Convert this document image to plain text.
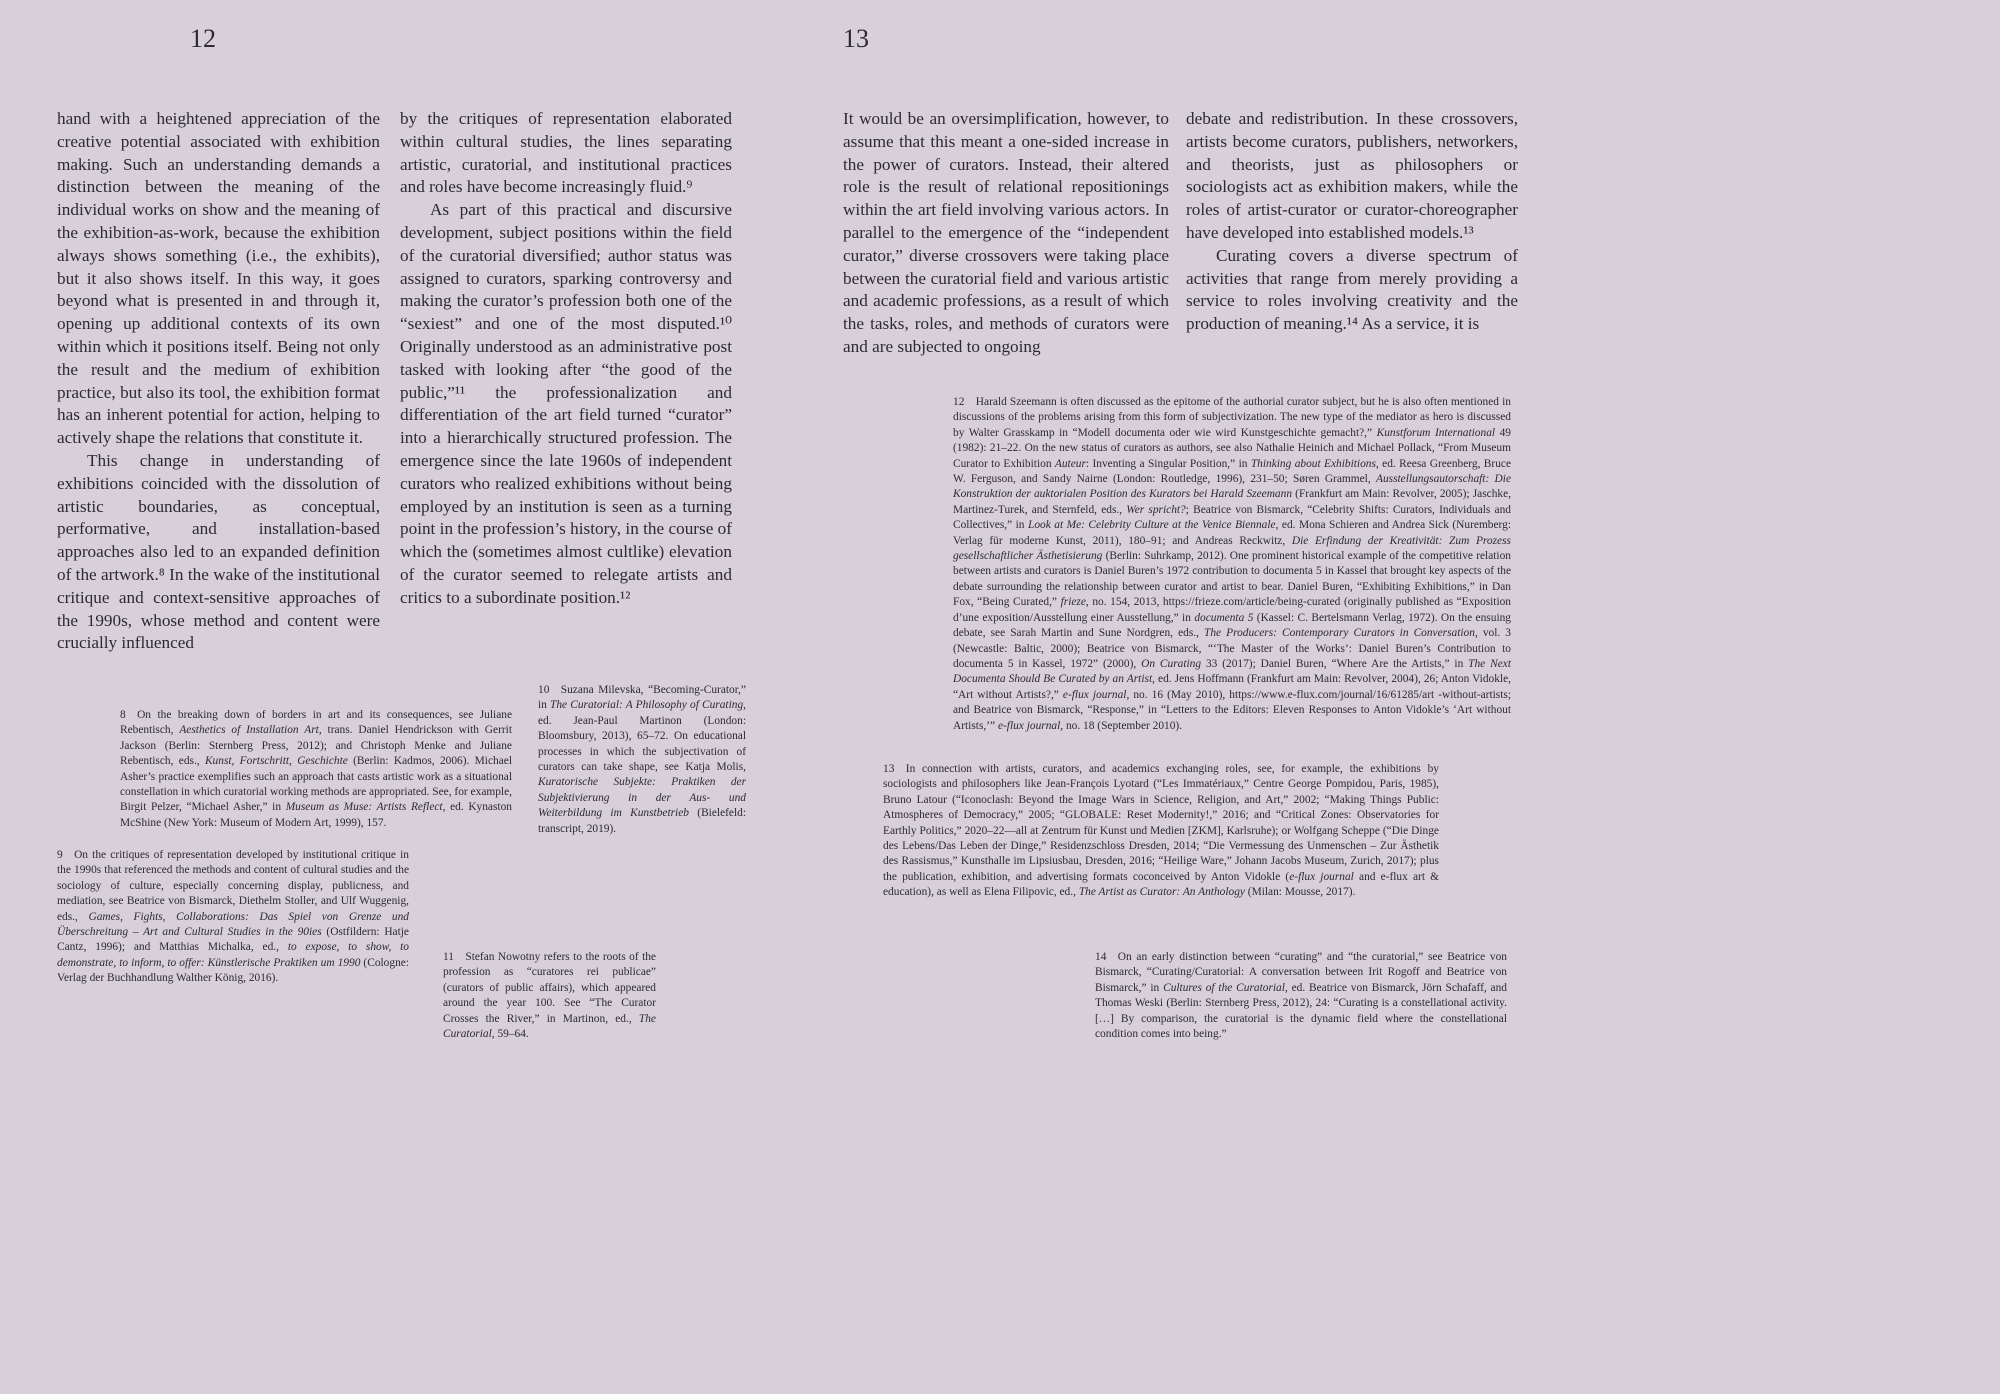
12	13

hand with a heightened appreciation of the creative potential associated with exhibition making. Such an understanding demands a distinction between the meaning of the individual works on show and the meaning of the exhibition-as-work, because the exhibition always shows something (i.e., the exhibits), but it also shows itself. In this way, it goes beyond what is presented in and through it, opening up additional contexts of its own within which it positions itself. Being not only the result and the medium of exhibition practice, but also its tool, the exhibition format has an inherent potential for action, helping to actively shape the relations that constitute it.

This change in understanding of exhibitions coincided with the dissolution of artistic boundaries, as conceptual, performative, and installation-based approaches also led to an expanded definition of the artwork.⁸ In the wake of the institutional critique and context-sensitive approaches of the 1990s, whose method and content were crucially influenced

by the critiques of representation elaborated within cultural studies, the lines separating artistic, curatorial, and institutional practices and roles have become increasingly fluid.⁹

As part of this practical and discursive development, subject positions within the field of the curatorial diversified; author status was assigned to curators, sparking controversy and making the curator’s profession both one of the “sexiest” and one of the most disputed.¹⁰ Originally understood as an administrative post tasked with looking after “the good of the public,”¹¹ the professionalization and differentiation of the art field turned “curator” into a hierarchically structured profession. The emergence since the late 1960s of independent curators who realized exhibitions without being employed by an institution is seen as a turning point in the profession’s history, in the course of which the (sometimes almost cultlike) elevation of the curator seemed to relegate artists and critics to a subordinate position.¹²

It would be an oversimplification, however, to assume that this meant a one-sided increase in the power of curators. Instead, their altered role is the result of relational repositionings within the art field involving various actors. In parallel to the emergence of the “independent curator,” diverse crossovers were taking place between the curatorial field and various artistic and academic professions, as a result of which the tasks, roles, and methods of curators were and are subjected to ongoing

debate and redistribution. In these crossovers, artists become curators, publishers, networkers, and theorists, just as philosophers or sociologists act as exhibition makers, while the roles of artist-curator or curator-choreographer have developed into established models.¹³

Curating covers a diverse spectrum of activities that range from merely providing a service to roles involving creativity and the production of meaning.¹⁴ As a service, it is

8 On the breaking down of borders in art and its consequences, see Juliane Rebentisch, Aesthetics of Installation Art, trans. Daniel Hendrickson with Gerrit Jackson (Berlin: Sternberg Press, 2012); and Christoph Menke and Juliane Rebentisch, eds., Kunst, Fortschritt, Geschichte (Berlin: Kadmos, 2006). Michael Asher’s practice exemplifies such an approach that casts artistic work as a situational constellation in which curatorial working methods are appropriated. See, for example, Birgit Pelzer, “Michael Asher,” in Museum as Muse: Artists Reflect, ed. Kynaston McShine (New York: Museum of Modern Art, 1999), 157.

9 On the critiques of representation developed by institutional critique in the 1990s that referenced the methods and content of cultural studies and the sociology of culture, especially concerning display, publicness, and mediation, see Beatrice von Bismarck, Diethelm Stoller, and Ulf Wuggenig, eds., Games, Fights, Collaborations: Das Spiel von Grenze und Überschreitung – Art and Cultural Studies in the 90ies (Ostfildern: Hatje Cantz, 1996); and Matthias Michalka, ed., to expose, to show, to demonstrate, to inform, to offer: Künstlerische Praktiken um 1990 (Cologne: Verlag der Buchhandlung Walther König, 2016).

10 Suzana Milevska, “Becoming-Curator,” in The Curatorial: A Philosophy of Curating, ed. Jean-Paul Martinon (London: Bloomsbury, 2013), 65–72. On educational processes in which the subjectivation of curators can take shape, see Katja Molis, Kuratorische Subjekte: Praktiken der Subjektivierung in der Aus- und Weiterbildung im Kunstbetrieb (Bielefeld: transcript, 2019).

11 Stefan Nowotny refers to the roots of the profession as “curatores rei publicae” (curators of public affairs), which appeared around the year 100. See “The Curator Crosses the River,” in Martinon, ed., The Curatorial, 59–64.

12 Harald Szeemann is often discussed as the epitome of the authorial curator subject, but he is also often mentioned in discussions of the problems arising from this form of subjectivization. The new type of the mediator as hero is discussed by Walter Grasskamp in “Modell documenta oder wie wird Kunstgeschichte gemacht?,” Kunstforum International 49 (1982): 21–22. On the new status of curators as authors, see also Nathalie Heinich and Michael Pollack, “From Museum Curator to Exhibition Auteur: Inventing a Singular Position,” in Thinking about Exhibitions, ed. Reesa Greenberg, Bruce W. Ferguson, and Sandy Nairne (London: Routledge, 1996), 231–50; Søren Grammel, Ausstellungsautorschaft: Die Konstruktion der auktorialen Position des Kurators bei Harald Szeemann (Frankfurt am Main: Revolver, 2005); Jaschke, Martinez-Turek, and Sternfeld, eds., Wer spricht?; Beatrice von Bismarck, “Celebrity Shifts: Curators, Individuals and Collectives,” in Look at Me: Celebrity Culture at the Venice Biennale, ed. Mona Schieren and Andrea Sick (Nuremberg: Verlag für moderne Kunst, 2011), 180–91; and Andreas Reckwitz, Die Erfindung der Kreativität: Zum Prozess gesellschaftlicher Ästhetisierung (Berlin: Suhrkamp, 2012). One prominent historical example of the competitive relation between artists and curators is Daniel Buren’s 1972 contribution to documenta 5 in Kassel that brought key aspects of the debate surrounding the relationship between curator and artist to bear. Daniel Buren, “Exhibiting Exhibitions,” in Dan Fox, “Being Curated,” frieze, no. 154, 2013, https://frieze.com/article/being-curated (originally published as “Exposition d’une exposition/Ausstellung einer Ausstellung,” in documenta 5 (Kassel: C. Bertelsmann Verlag, 1972). On the ensuing debate, see Sarah Martin and Sune Nordgren, eds., The Producers: Contemporary Curators in Conversation, vol. 3 (Newcastle: Baltic, 2000); Beatrice von Bismarck, “‘The Master of the Works’: Daniel Buren’s Contribution to documenta 5 in Kassel, 1972” (2000), On Curating 33 (2017); Daniel Buren, “Where Are the Artists,” in The Next Documenta Should Be Curated by an Artist, ed. Jens Hoffmann (Frankfurt am Main: Revolver, 2004), 26; Anton Vidokle, “Art without Artists?,” e-flux journal, no. 16 (May 2010), https://www.e-flux.com/journal/16/61285/art -without-artists; and Beatrice von Bismarck, “Response,” in “Letters to the Editors: Eleven Responses to Anton Vidokle’s ‘Art without Artists,’” e-flux journal, no. 18 (September 2010).

13 In connection with artists, curators, and academics exchanging roles, see, for example, the exhibitions by sociologists and philosophers like Jean-François Lyotard (“Les Immatériaux,” Centre George Pompidou, Paris, 1985), Bruno Latour (“Iconoclash: Beyond the Image Wars in Science, Religion, and Art,” 2002; “Making Things Public: Atmospheres of Democracy,” 2005; “GLOBALE: Reset Modernity!,” 2016; and “Critical Zones: Observatories for Earthly Politics,” 2020–22—all at Zentrum für Kunst und Medien [ZKM], Karlsruhe); or Wolfgang Scheppe (“Die Dinge des Lebens/Das Leben der Dinge,” Residenzschloss Dresden, 2014; “Die Vermessung des Unmenschen – Zur Ästhetik des Rassismus,” Kunsthalle im Lipsiusbau, Dresden, 2016; “Heilige Ware,” Johann Jacobs Museum, Zurich, 2017); plus the publication, exhibition, and advertising formats coconceived by Anton Vidokle (e-flux journal and e-flux art & education), as well as Elena Filipovic, ed., The Artist as Curator: An Anthology (Milan: Mousse, 2017).

14 On an early distinction between “curating” and “the curatorial,” see Beatrice von Bismarck, “Curating/Curatorial: A conversation between Irit Rogoff and Beatrice von Bismarck,” in Cultures of the Curatorial, ed. Beatrice von Bismarck, Jörn Schafaff, and Thomas Weski (Berlin: Sternberg Press, 2012), 24: “Curating is a constellational activity. […] By comparison, the curatorial is the dynamic field where the constellational condition comes into being.”
